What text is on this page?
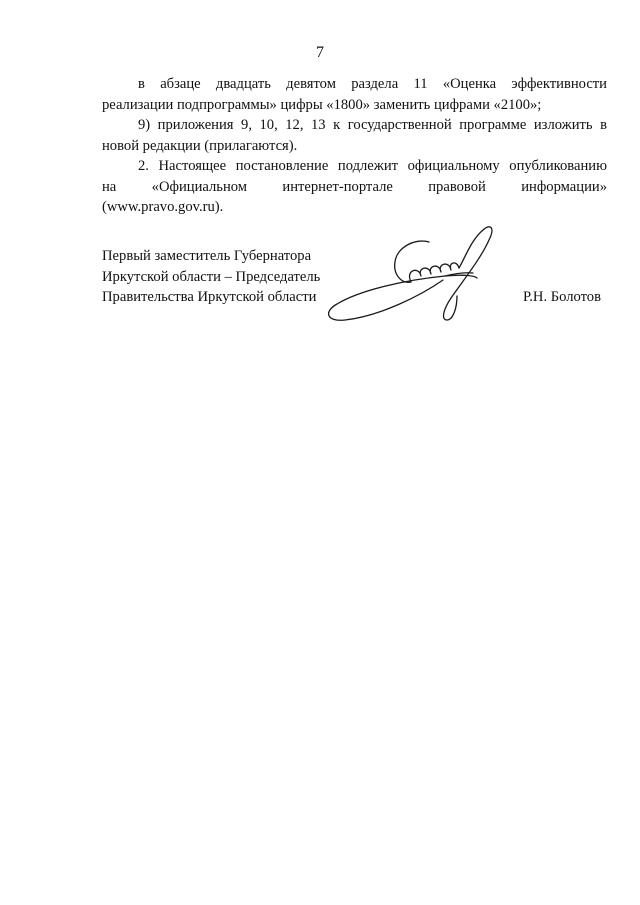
7

в абзаце двадцать девятом раздела 11 «Оценка эффективности
реализации подпрограммы» цифры «1800» заменить цифрами «2100»;

9) приложения 9, 10, 12, 13 к государственной программе изложить в
новой редакции (прилагаются).

2. Настоящее постановление подлежит официальному опубликованию
на «Официальном интернет-портале правовой информации»
(www.pravo.gov.ru).

Первый заместитель Губернатора
Иркутской области – Председатель
Правительства Иркутской области	Р.Н. Болотов
